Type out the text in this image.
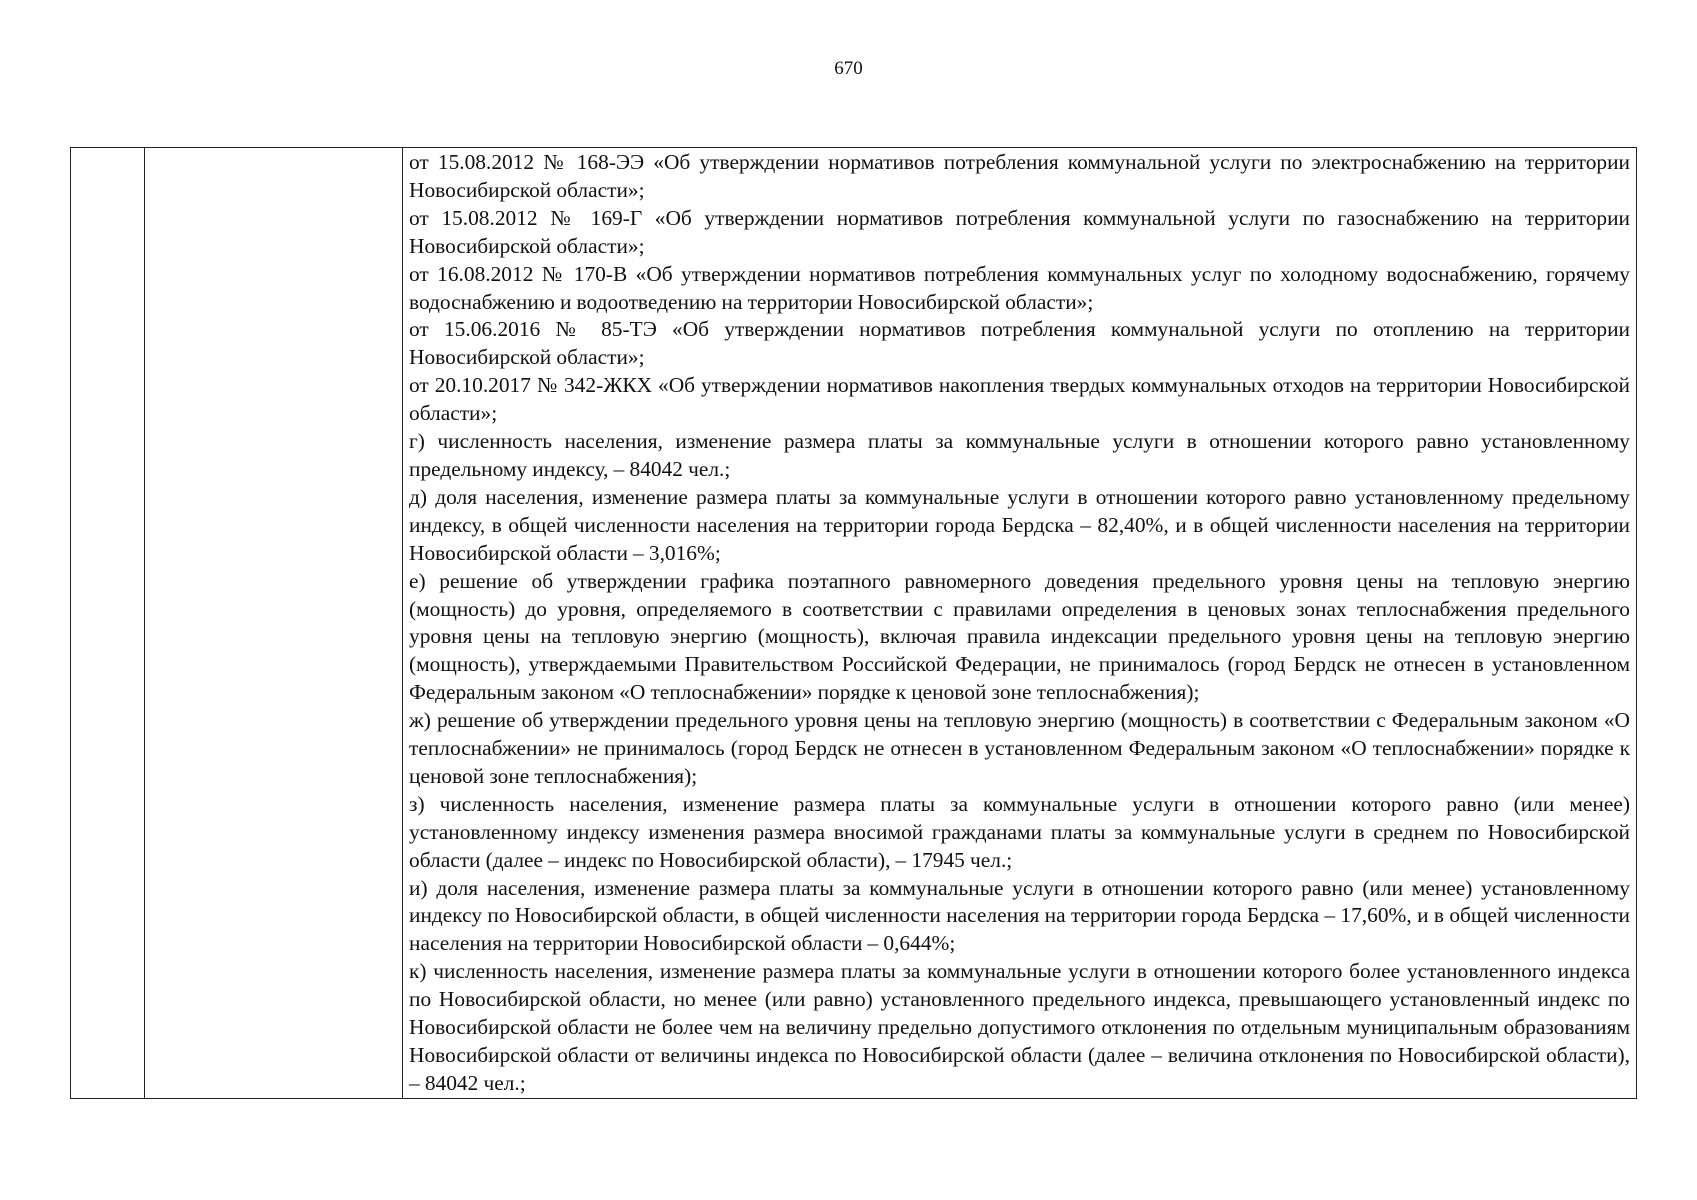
670

от 15.08.2012 № 168-ЭЭ «Об утверждении нормативов потребления коммунальной услуги по электроснабжению на территории Новосибирской области»;

от 15.08.2012 № 169-Г «Об утверждении нормативов потребления коммунальной услуги по газоснабжению на территории Новосибирской области»;

от 16.08.2012 № 170-В «Об утверждении нормативов потребления коммунальных услуг по холодному водоснабжению, горячему водоснабжению и водоотведению на территории Новосибирской области»;

от 15.06.2016 № 85-ТЭ «Об утверждении нормативов потребления коммунальной услуги по отоплению на территории Новосибирской области»;

от 20.10.2017 № 342-ЖКХ «Об утверждении нормативов накопления твердых коммунальных отходов на территории Новосибирской области»;

г) численность населения, изменение размера платы за коммунальные услуги в отношении которого равно установленному предельному индексу, – 84042 чел.;

д) доля населения, изменение размера платы за коммунальные услуги в отношении которого равно установленному предельному индексу, в общей численности населения на территории города Бердска – 82,40%, и в общей численности населения на территории Новосибирской области – 3,016%;

е) решение об утверждении графика поэтапного равномерного доведения предельного уровня цены на тепловую энергию (мощность) до уровня, определяемого в соответствии с правилами определения в ценовых зонах теплоснабжения предельного уровня цены на тепловую энергию (мощность), включая правила индексации предельного уровня цены на тепловую энергию (мощность), утверждаемыми Правительством Российской Федерации, не принималось (город Бердск не отнесен в установленном Федеральным законом «О теплоснабжении» порядке к ценовой зоне теплоснабжения);

ж) решение об утверждении предельного уровня цены на тепловую энергию (мощность) в соответствии с Федеральным законом «О теплоснабжении» не принималось (город Бердск не отнесен в установленном Федеральным законом «О теплоснабжении» порядке к ценовой зоне теплоснабжения);

з) численность населения, изменение размера платы за коммунальные услуги в отношении которого равно (или менее) установленному индексу изменения размера вносимой гражданами платы за коммунальные услуги в среднем по Новосибирской области (далее – индекс по Новосибирской области), – 17945 чел.;

и) доля населения, изменение размера платы за коммунальные услуги в отношении которого равно (или менее) установленному индексу по Новосибирской области, в общей численности населения на территории города Бердска – 17,60%, и в общей численности населения на территории Новосибирской области – 0,644%;

к) численность населения, изменение размера платы за коммунальные услуги в отношении которого более установленного индекса по Новосибирской области, но менее (или равно) установленного предельного индекса, превышающего установленный индекс по Новосибирской области не более чем на величину предельно допустимого отклонения по отдельным муниципальным образованиям Новосибирской области от величины индекса по Новосибирской области (далее – величина отклонения по Новосибирской области), – 84042 чел.;
